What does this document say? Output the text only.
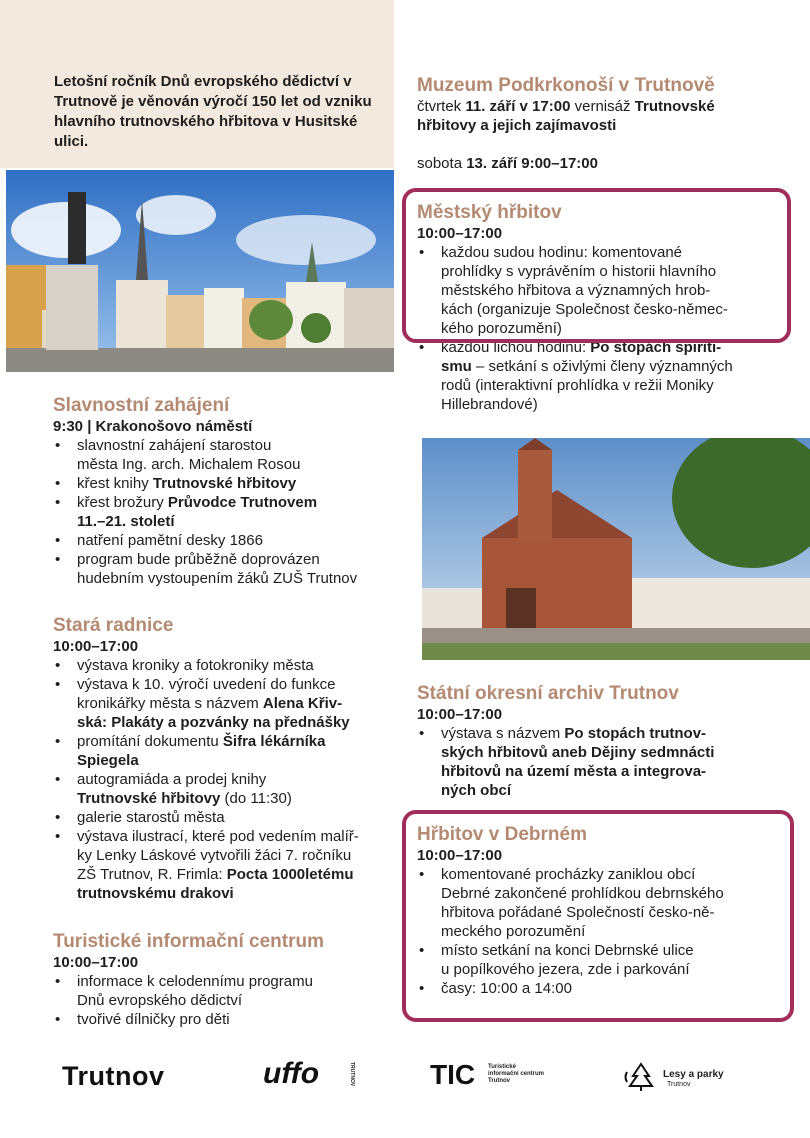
Letošní ročník Dnů evropského dědictví v Trutnově je věnován výročí 150 let od vzniku hlavního trutnovského hřbitova v Husitské ulici.

Slavnostní zahájení

9:30 | Krakonošovo náměstí

• slavnostní zahájení starostou
města Ing. arch. Michalem Rosou
• křest knihy Trutnovské hřbitovy
• křest brožury Průvodce Trutnovem
11.–21. století
• natření pamětní desky 1866
• program bude průběžně doprovázen
hudebním vystoupením žáků ZUŠ Trutnov

Stará radnice

10:00–17:00

• výstava kroniky a fotokroniky města
• výstava k 10. výročí uvedení do funkce
kronikářky města s názvem Alena Křiv-
ská: Plakáty a pozvánky na přednášky
• promítání dokumentu Šifra lékárníka
Spiegela
• autogramiáda a prodej knihy
Trutnovské hřbitovy (do 11:30)
• galerie starostů města
• výstava ilustrací, které pod vedením malíř-
ky Lenky Láskové vytvořili žáci 7. ročníku
ZŠ Trutnov, R. Frimla: Pocta 1000letému
trutnovskému drakovi

Turistické informační centrum

10:00–17:00

• informace k celodennímu programu
Dnů evropského dědictví
• tvořivé dílničky pro děti

Muzeum Podkrkonoší v Trutnově

čtvrtek 11. září v 17:00 vernisáž Trutnovské
hřbitovy a jejich zajímavosti

sobota 13. září 9:00–17:00

Městský hřbitov

10:00–17:00

• každou sudou hodinu: komentované
prohlídky s vyprávěním o historii hlavního
městského hřbitova a významných hrob-
kách (organizuje Společnost česko-němec-
kého porozumění)
• každou lichou hodinu: Po stopách spiriti-
smu – setkání s oživlými členy významných
rodů (interaktivní prohlídka v režii Moniky
Hillebrandové)

Státní okresní archiv Trutnov

10:00–17:00

• výstava s názvem Po stopách trutnov-
ských hřbitovů aneb Dějiny sedmnácti
hřbitovů na území města a integrova-
ných obcí

Hřbitov v Debrném

10:00–17:00

• komentované procházky zaniklou obcí
Debrné zakončené prohlídkou debrnského
hřbitova pořádané Společností česko-ně-
meckého porozumění
• místo setkání na konci Debrnské ulice
u popílkového jezera, zde i parkování
• časy: 10:00 a 14:00
Trutnov	uffo	TRUTNOV	TIC Turistické
informační centrum
Trutnov
Lesy a parky
Trutnov
